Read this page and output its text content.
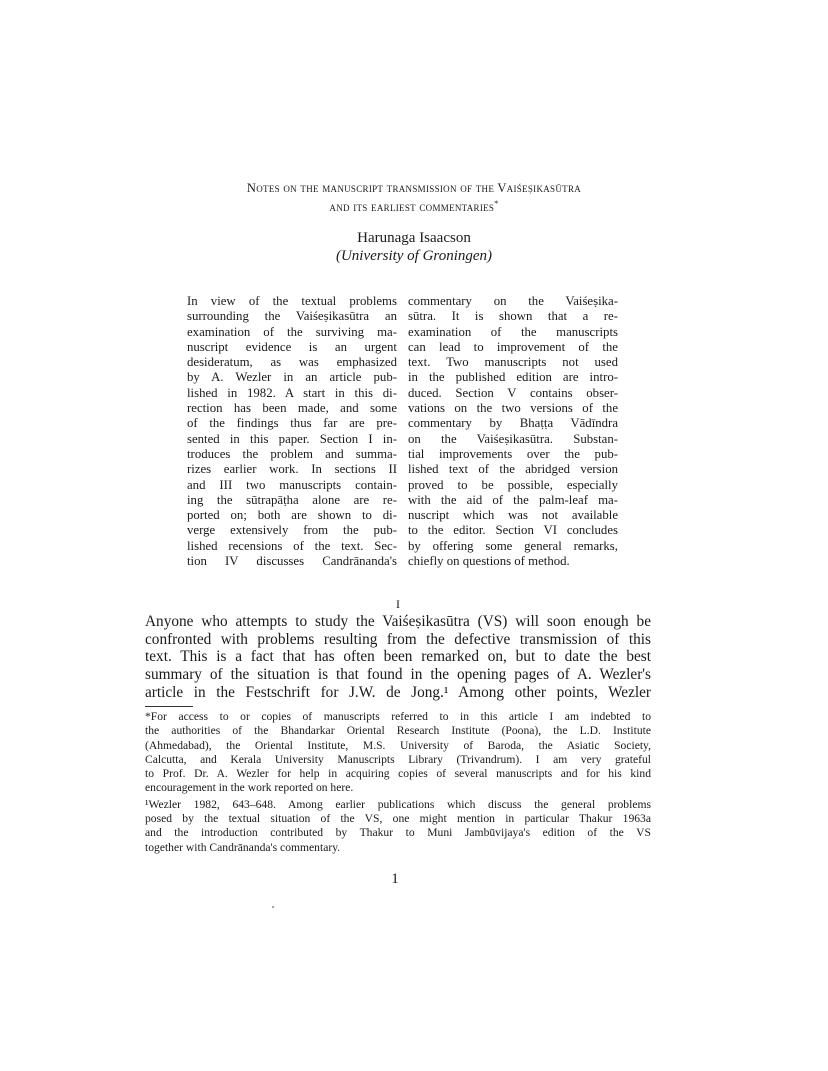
Notes on the manuscript transmission of the Vaiśeṣikasūtra
and its earliest commentaries*
Harunaga Isaacson
(University of Groningen)
In view of the textual problems
surrounding the Vaiśeṣikasūtra an
examination of the surviving ma-
nuscript evidence is an urgent
desideratum, as was emphasized
by A. Wezler in an article pub-
lished in 1982. A start in this di-
rection has been made, and some
of the findings thus far are pre-
sented in this paper. Section I in-
troduces the problem and summa-
rizes earlier work. In sections II
and III two manuscripts contain-
ing the sūtrapāṭha alone are re-
ported on; both are shown to di-
verge extensively from the pub-
lished recensions of the text. Sec-
tion IV discusses Candrānanda's
commentary on the Vaiśeṣika-
sūtra. It is shown that a re-
examination of the manuscripts
can lead to improvement of the
text. Two manuscripts not used
in the published edition are intro-
duced. Section V contains obser-
vations on the two versions of the
commentary by Bhaṭṭa Vādīndra
on the Vaiśeṣikasūtra. Substan-
tial improvements over the pub-
lished text of the abridged version
proved to be possible, especially
with the aid of the palm-leaf ma-
nuscript which was not available
to the editor. Section VI concludes
by offering some general remarks,
chiefly on questions of method.
I
Anyone who attempts to study the Vaiśeṣikasūtra (VS) will soon enough be
confronted with problems resulting from the defective transmission of this
text. This is a fact that has often been remarked on, but to date the best
summary of the situation is that found in the opening pages of A. Wezler's
article in the Festschrift for J.W. de Jong.¹ Among other points, Wezler
*For access to or copies of manuscripts referred to in this article I am indebted to
the authorities of the Bhandarkar Oriental Research Institute (Poona), the L.D. Institute
(Ahmedabad), the Oriental Institute, M.S. University of Baroda, the Asiatic Society,
Calcutta, and Kerala University Manuscripts Library (Trivandrum). I am very grateful
to Prof. Dr. A. Wezler for help in acquiring copies of several manuscripts and for his kind
encouragement in the work reported on here.
¹Wezler 1982, 643–648. Among earlier publications which discuss the general problems
posed by the textual situation of the VS, one might mention in particular Thakur 1963a
and the introduction contributed by Thakur to Muni Jambūvijaya's edition of the VS
together with Candrānanda's commentary.
1
